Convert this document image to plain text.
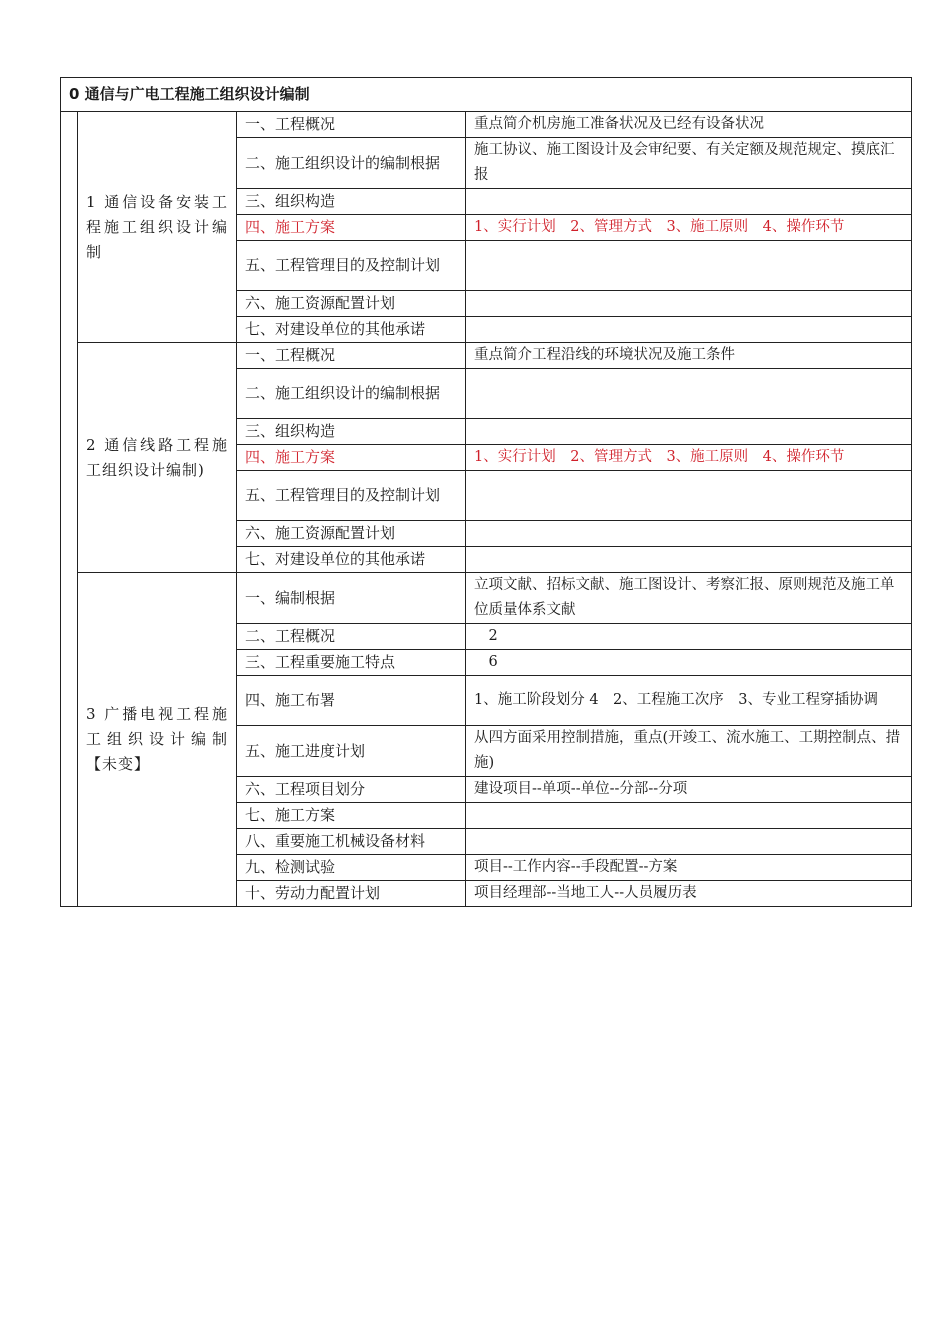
0 通信与广电工程施工组织设计编制			
	1 通信设备安装工程施工组织设计编制	一、工程概况	重点简介机房施工准备状况及已经有设备状况
		二、施工组织设计的编制根据	施工协议、施工图设计及会审纪要、有关定额及规范规定、摸底汇报
		三、组织构造	
		四、施工方案	1、实行计划　2、管理方式　3、施工原则　4、操作环节
		五、工程管理目的及控制计划	
		六、施工资源配置计划	
		七、对建设单位的其他承诺	
	2 通信线路工程施工组织设计编制)	一、工程概况	重点简介工程沿线的环境状况及施工条件
		二、施工组织设计的编制根据	
		三、组织构造	
		四、施工方案	1、实行计划　2、管理方式　3、施工原则　4、操作环节
		五、工程管理目的及控制计划	
		六、施工资源配置计划	
		七、对建设单位的其他承诺	
	3 广播电视工程施工组织设计编制【未变】	一、编制根据	立项文献、招标文献、施工图设计、考察汇报、原则规范及施工单位质量体系文献
		二、工程概况	　2
		三、工程重要施工特点	　6
		四、施工布署	1、施工阶段划分 4　2、工程施工次序　3、专业工程穿插协调
		五、施工进度计划	从四方面采用控制措施，重点(开竣工、流水施工、工期控制点、措施)
		六、工程项目划分	建设项目--单项--单位--分部--分项
		七、施工方案	
		八、重要施工机械设备材料	
		九、检测试验	项目--工作内容--手段配置--方案
		十、劳动力配置计划	项目经理部--当地工人--人员履历表
